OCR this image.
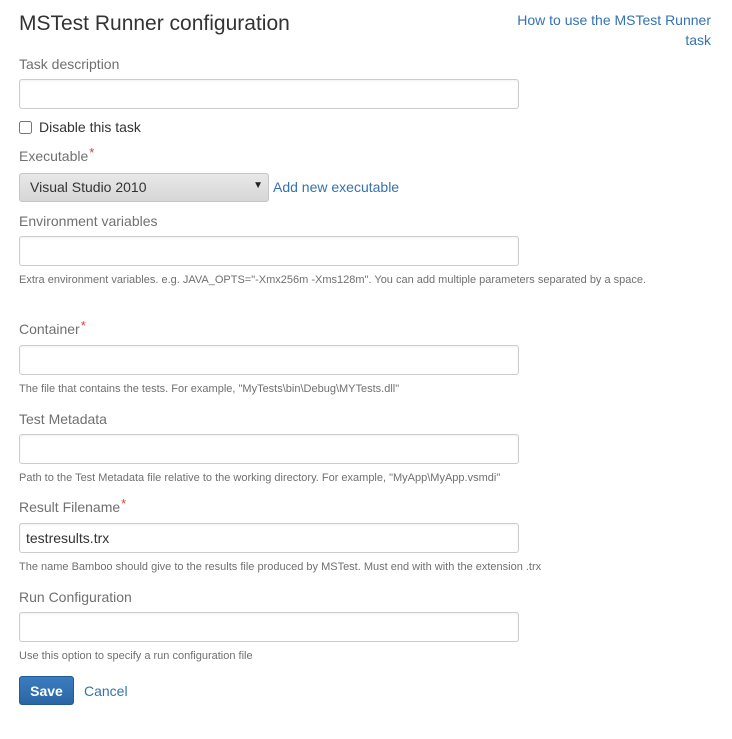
MSTest Runner configuration	How to use the MSTest Runner task
Task description
Disable this task
Executable*
Visual Studio 2010	▼ Add new executable
Environment variables

Extra environment variables. e.g. JAVA_OPTS="-Xmx256m -Xms128m". You can add multiple parameters separated by a space.

Container*

The file that contains the tests. For example, "MyTests\bin\Debug\MYTests.dll"

Test Metadata

Path to the Test Metadata file relative to the working directory. For example, "MyApp\MyApp.vsmdi"

Result Filename*
testresults.trx

The name Bamboo should give to the results file produced by MSTest. Must end with with the extension .trx

Run Configuration

Use this option to specify a run configuration file

Save	Cancel
